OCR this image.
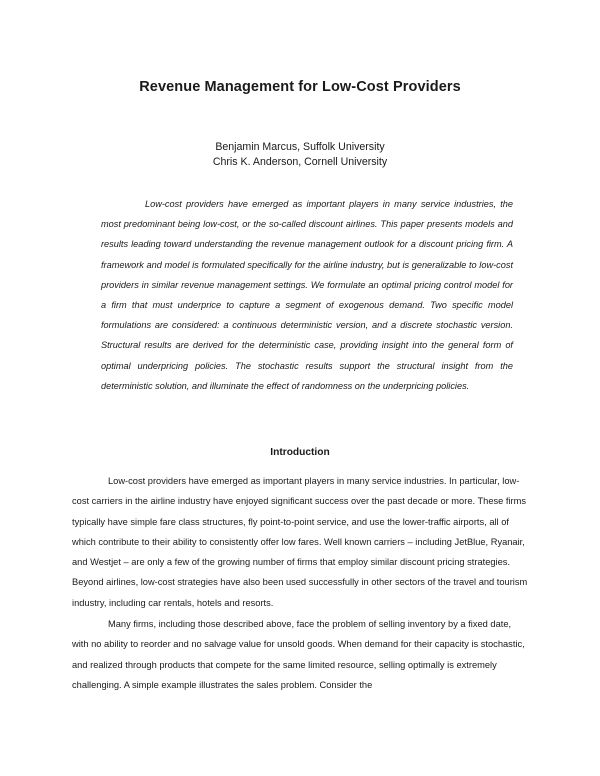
Revenue Management for Low-Cost Providers
Benjamin Marcus, Suffolk University
Chris K. Anderson, Cornell University

Low-cost providers have emerged as important players in many service industries, the most predominant being low-cost, or the so-called discount airlines. This paper presents models and results leading toward understanding the revenue management outlook for a discount pricing firm. A framework and model is formulated specifically for the airline industry, but is generalizable to low-cost providers in similar revenue management settings. We formulate an optimal pricing control model for a firm that must underprice to capture a segment of exogenous demand. Two specific model formulations are considered: a continuous deterministic version, and a discrete stochastic version. Structural results are derived for the deterministic case, providing insight into the general form of optimal underpricing policies. The stochastic results support the structural insight from the deterministic solution, and illuminate the effect of randomness on the underpricing policies.

Introduction

Low-cost providers have emerged as important players in many service industries. In particular, low-cost carriers in the airline industry have enjoyed significant success over the past decade or more. These firms typically have simple fare class structures, fly point-to-point service, and use the lower-traffic airports, all of which contribute to their ability to consistently offer low fares. Well known carriers – including JetBlue, Ryanair, and Westjet – are only a few of the growing number of firms that employ similar discount pricing strategies. Beyond airlines, low-cost strategies have also been used successfully in other sectors of the travel and tourism industry, including car rentals, hotels and resorts.

Many firms, including those described above, face the problem of selling inventory by a fixed date, with no ability to reorder and no salvage value for unsold goods. When demand for their capacity is stochastic, and realized through products that compete for the same limited resource, selling optimally is extremely challenging. A simple example illustrates the sales problem. Consider the
